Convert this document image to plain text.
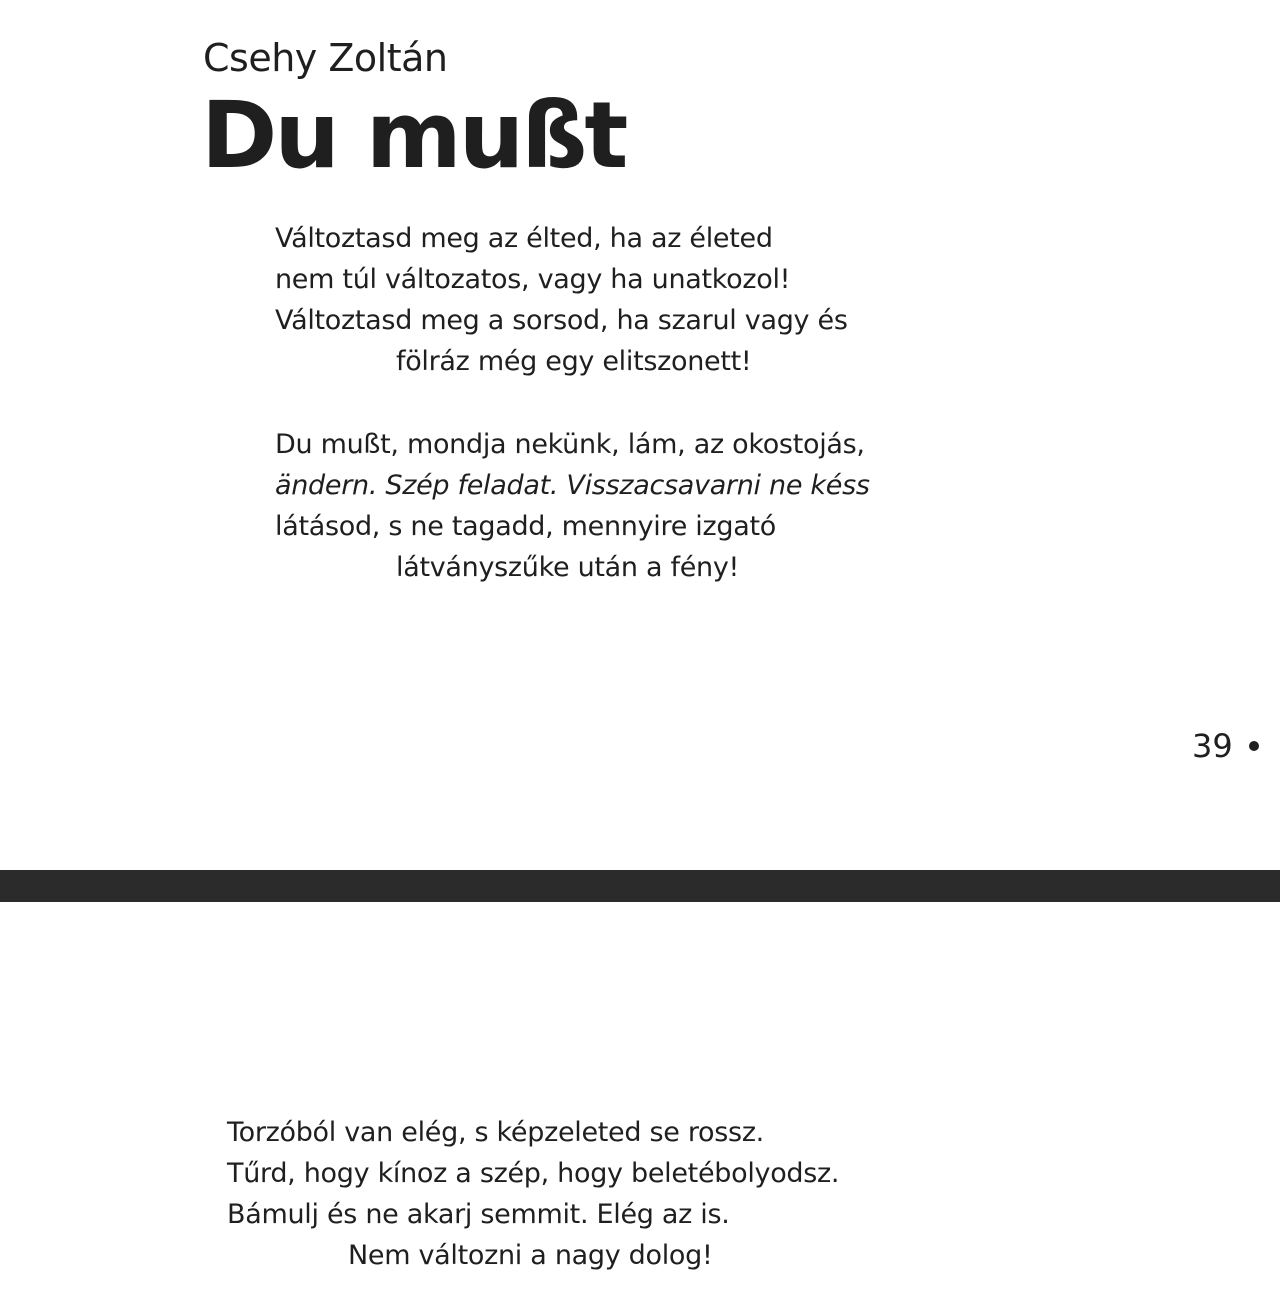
Csehy Zoltán
Du mußt

Változtasd meg az élted, ha az életed
nem túl változatos, vagy ha unatkozol!
Változtasd meg a sorsod, ha szarul vagy és
fölráz még egy elitszonett!

Du mußt, mondja nekünk, lám, az okostojás,
ändern. Szép feladat. Visszacsavarni ne késs
látásod, s ne tagadd, mennyire izgató
látványszűke után a fény!

39

Torzóból van elég, s képzeleted se rossz.
Tűrd, hogy kínoz a szép, hogy beletébolyodsz.
Bámulj és ne akarj semmit. Elég az is.
Nem változni a nagy dolog!
